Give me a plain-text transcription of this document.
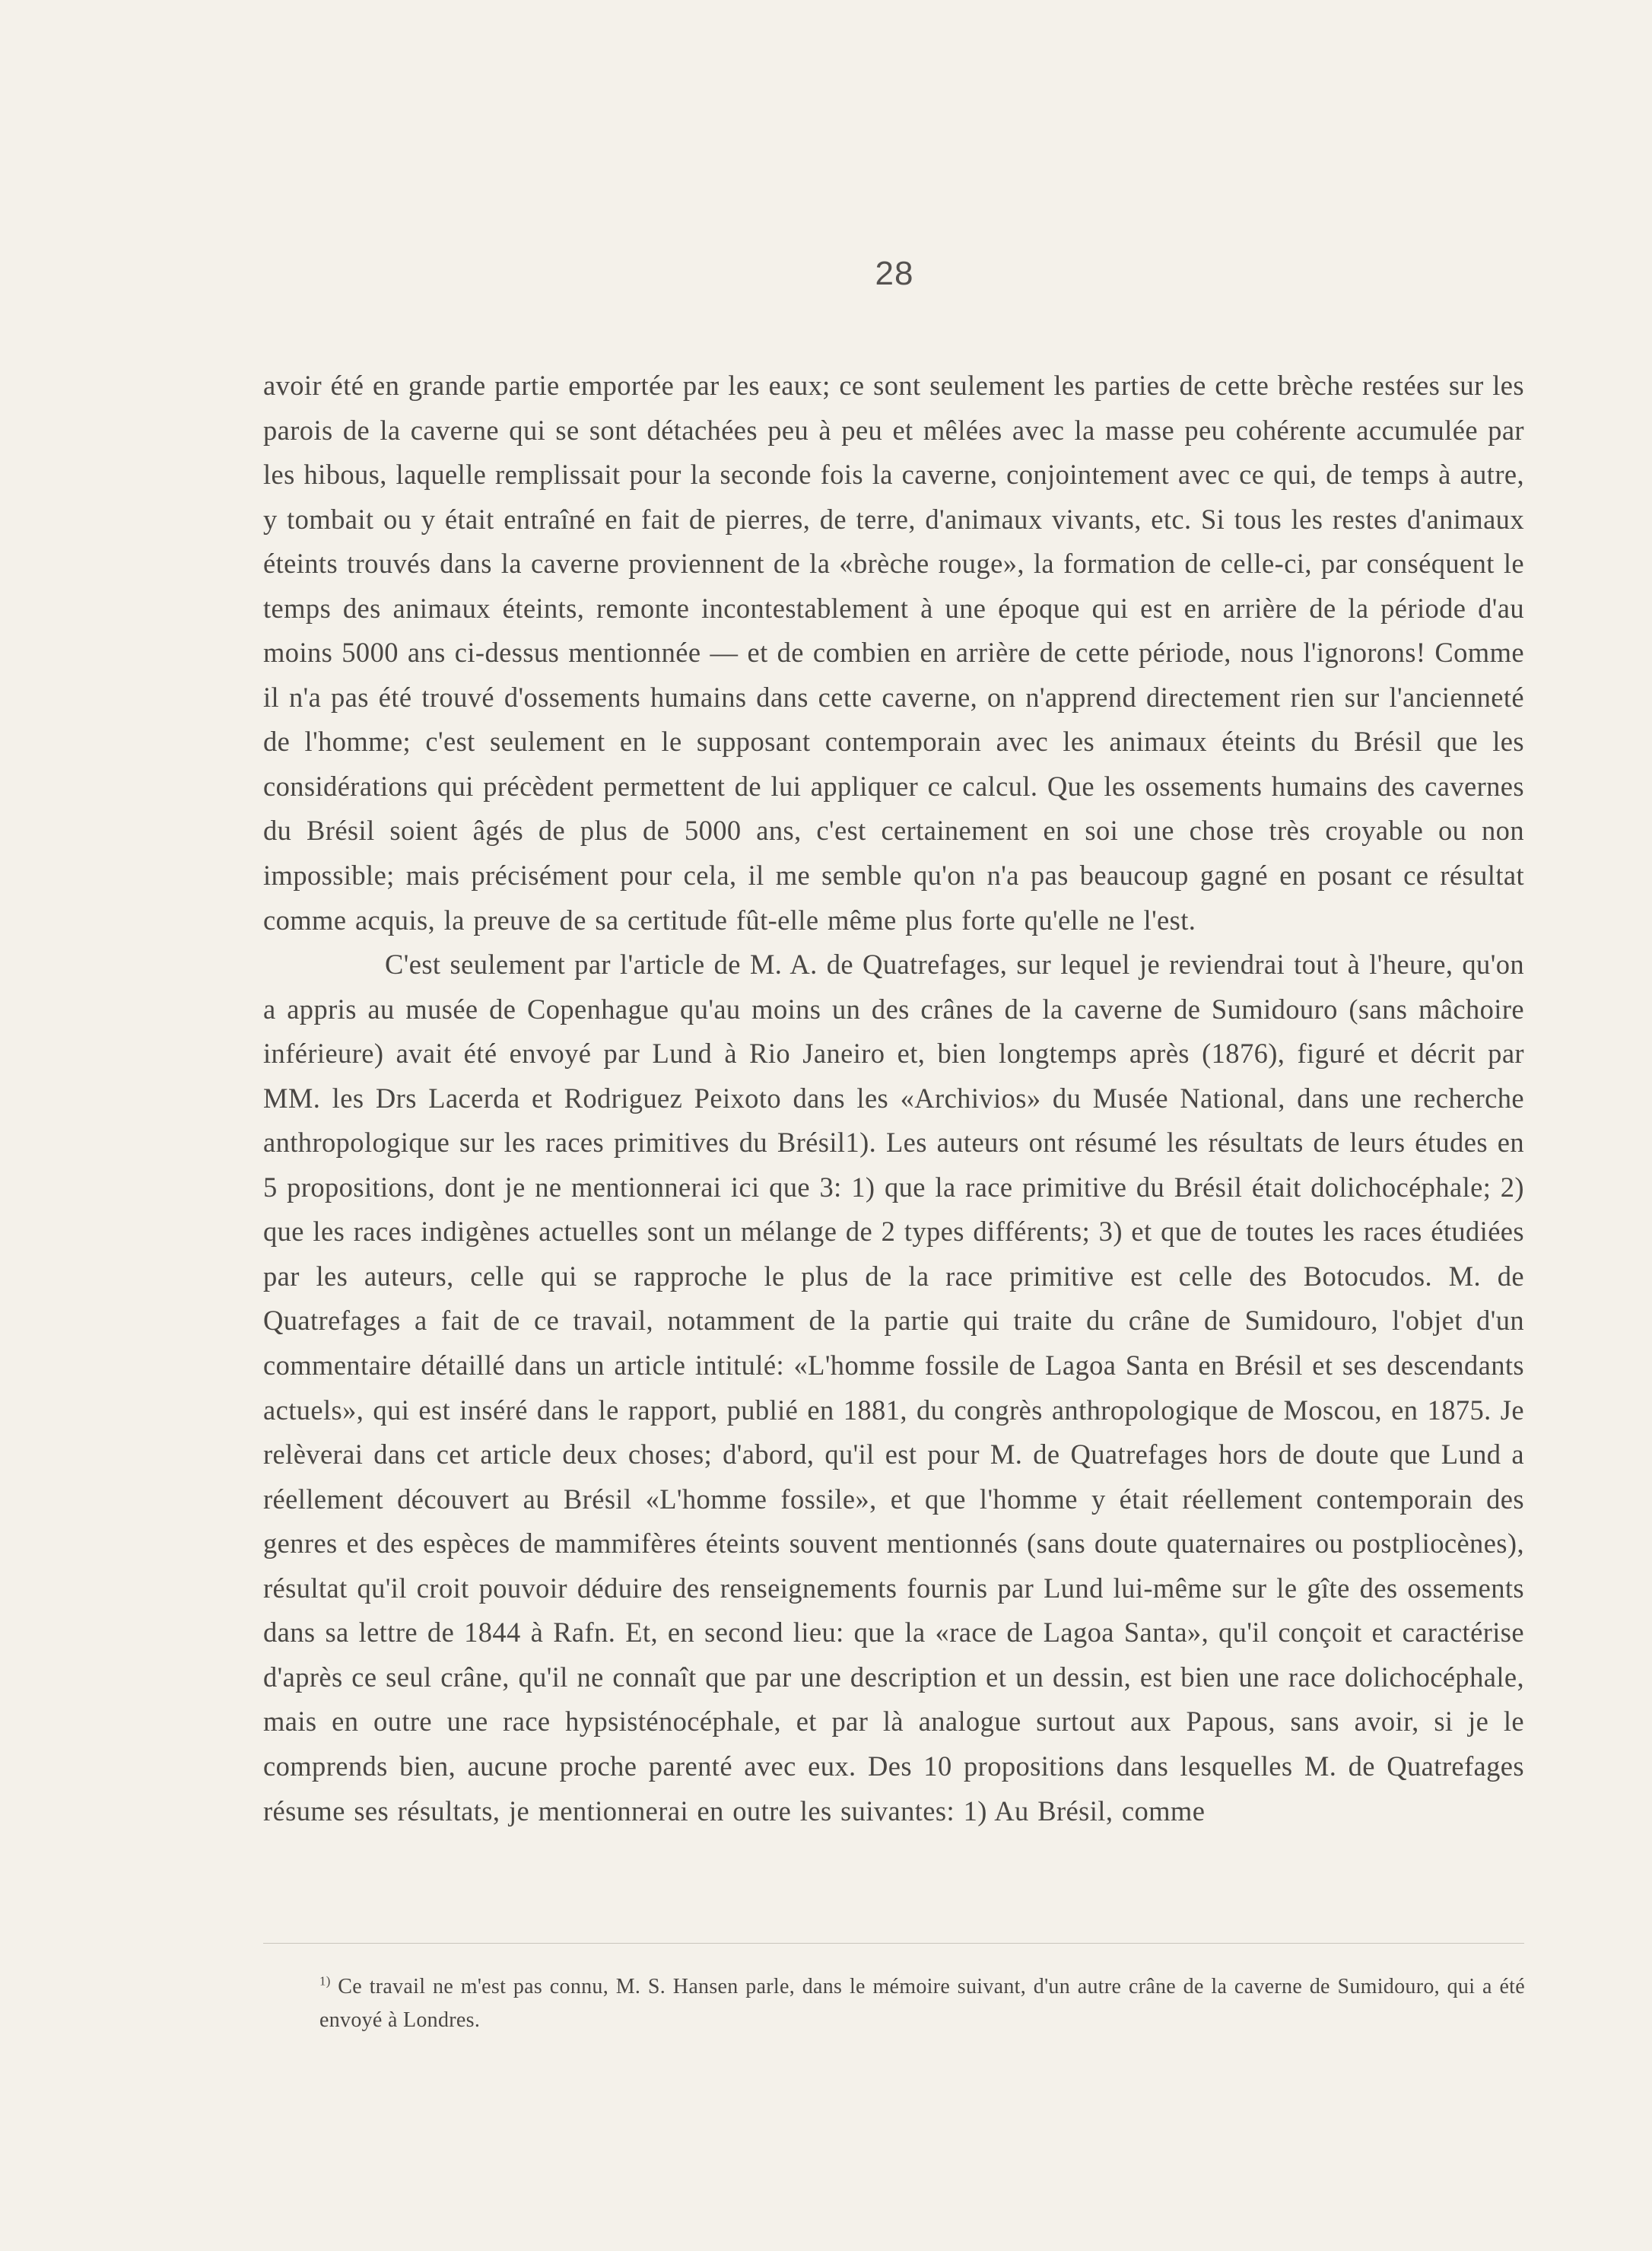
28

avoir été en grande partie emportée par les eaux; ce sont seulement les parties de cette brèche restées sur les parois de la caverne qui se sont détachées peu à peu et mêlées avec la masse peu cohérente accumulée par les hibous, laquelle remplissait pour la seconde fois la caverne, conjointement avec ce qui, de temps à autre, y tombait ou y était entraîné en fait de pierres, de terre, d'animaux vivants, etc. Si tous les restes d'animaux éteints trouvés dans la caverne proviennent de la «brèche rouge», la formation de celle-ci, par conséquent le temps des animaux éteints, remonte incontestablement à une époque qui est en arrière de la période d'au moins 5000 ans ci-dessus mentionnée — et de combien en arrière de cette période, nous l'ignorons! Comme il n'a pas été trouvé d'ossements humains dans cette caverne, on n'apprend directement rien sur l'ancienneté de l'homme; c'est seulement en le supposant contemporain avec les animaux éteints du Brésil que les considérations qui précèdent permettent de lui appliquer ce calcul. Que les ossements humains des cavernes du Brésil soient âgés de plus de 5000 ans, c'est certainement en soi une chose très croyable ou non impossible; mais précisément pour cela, il me semble qu'on n'a pas beaucoup gagné en posant ce résultat comme acquis, la preuve de sa certitude fût-elle même plus forte qu'elle ne l'est.

C'est seulement par l'article de M. A. de Quatrefages, sur lequel je reviendrai tout à l'heure, qu'on a appris au musée de Copenhague qu'au moins un des crânes de la caverne de Sumidouro (sans mâchoire inférieure) avait été envoyé par Lund à Rio Janeiro et, bien longtemps après (1876), figuré et décrit par MM. les Drs Lacerda et Rodriguez Peixoto dans les «Archivios» du Musée National, dans une recherche anthropologique sur les races primitives du Brésil1). Les auteurs ont résumé les résultats de leurs études en 5 propositions, dont je ne mentionnerai ici que 3: 1) que la race primitive du Brésil était dolichocéphale; 2) que les races indigènes actuelles sont un mélange de 2 types différents; 3) et que de toutes les races étudiées par les auteurs, celle qui se rapproche le plus de la race primitive est celle des Botocudos. M. de Quatrefages a fait de ce travail, notamment de la partie qui traite du crâne de Sumidouro, l'objet d'un commentaire détaillé dans un article intitulé: «L'homme fossile de Lagoa Santa en Brésil et ses descendants actuels», qui est inséré dans le rapport, publié en 1881, du congrès anthropologique de Moscou, en 1875. Je relèverai dans cet article deux choses; d'abord, qu'il est pour M. de Quatrefages hors de doute que Lund a réellement découvert au Brésil «L'homme fossile», et que l'homme y était réellement contemporain des genres et des espèces de mammifères éteints souvent mentionnés (sans doute quaternaires ou postpliocènes), résultat qu'il croit pouvoir déduire des renseignements fournis par Lund lui-même sur le gîte des ossements dans sa lettre de 1844 à Rafn. Et, en second lieu: que la «race de Lagoa Santa», qu'il conçoit et caractérise d'après ce seul crâne, qu'il ne connaît que par une description et un dessin, est bien une race dolichocéphale, mais en outre une race hypsisténocéphale, et par là analogue surtout aux Papous, sans avoir, si je le comprends bien, aucune proche parenté avec eux. Des 10 propositions dans lesquelles M. de Quatrefages résume ses résultats, je mentionnerai en outre les suivantes: 1) Au Brésil, comme

$^{1)}$ Ce travail ne m'est pas connu, M. S. Hansen parle, dans le mémoire suivant, d'un autre crâne de la caverne de Sumidouro, qui a été envoyé à Londres.
